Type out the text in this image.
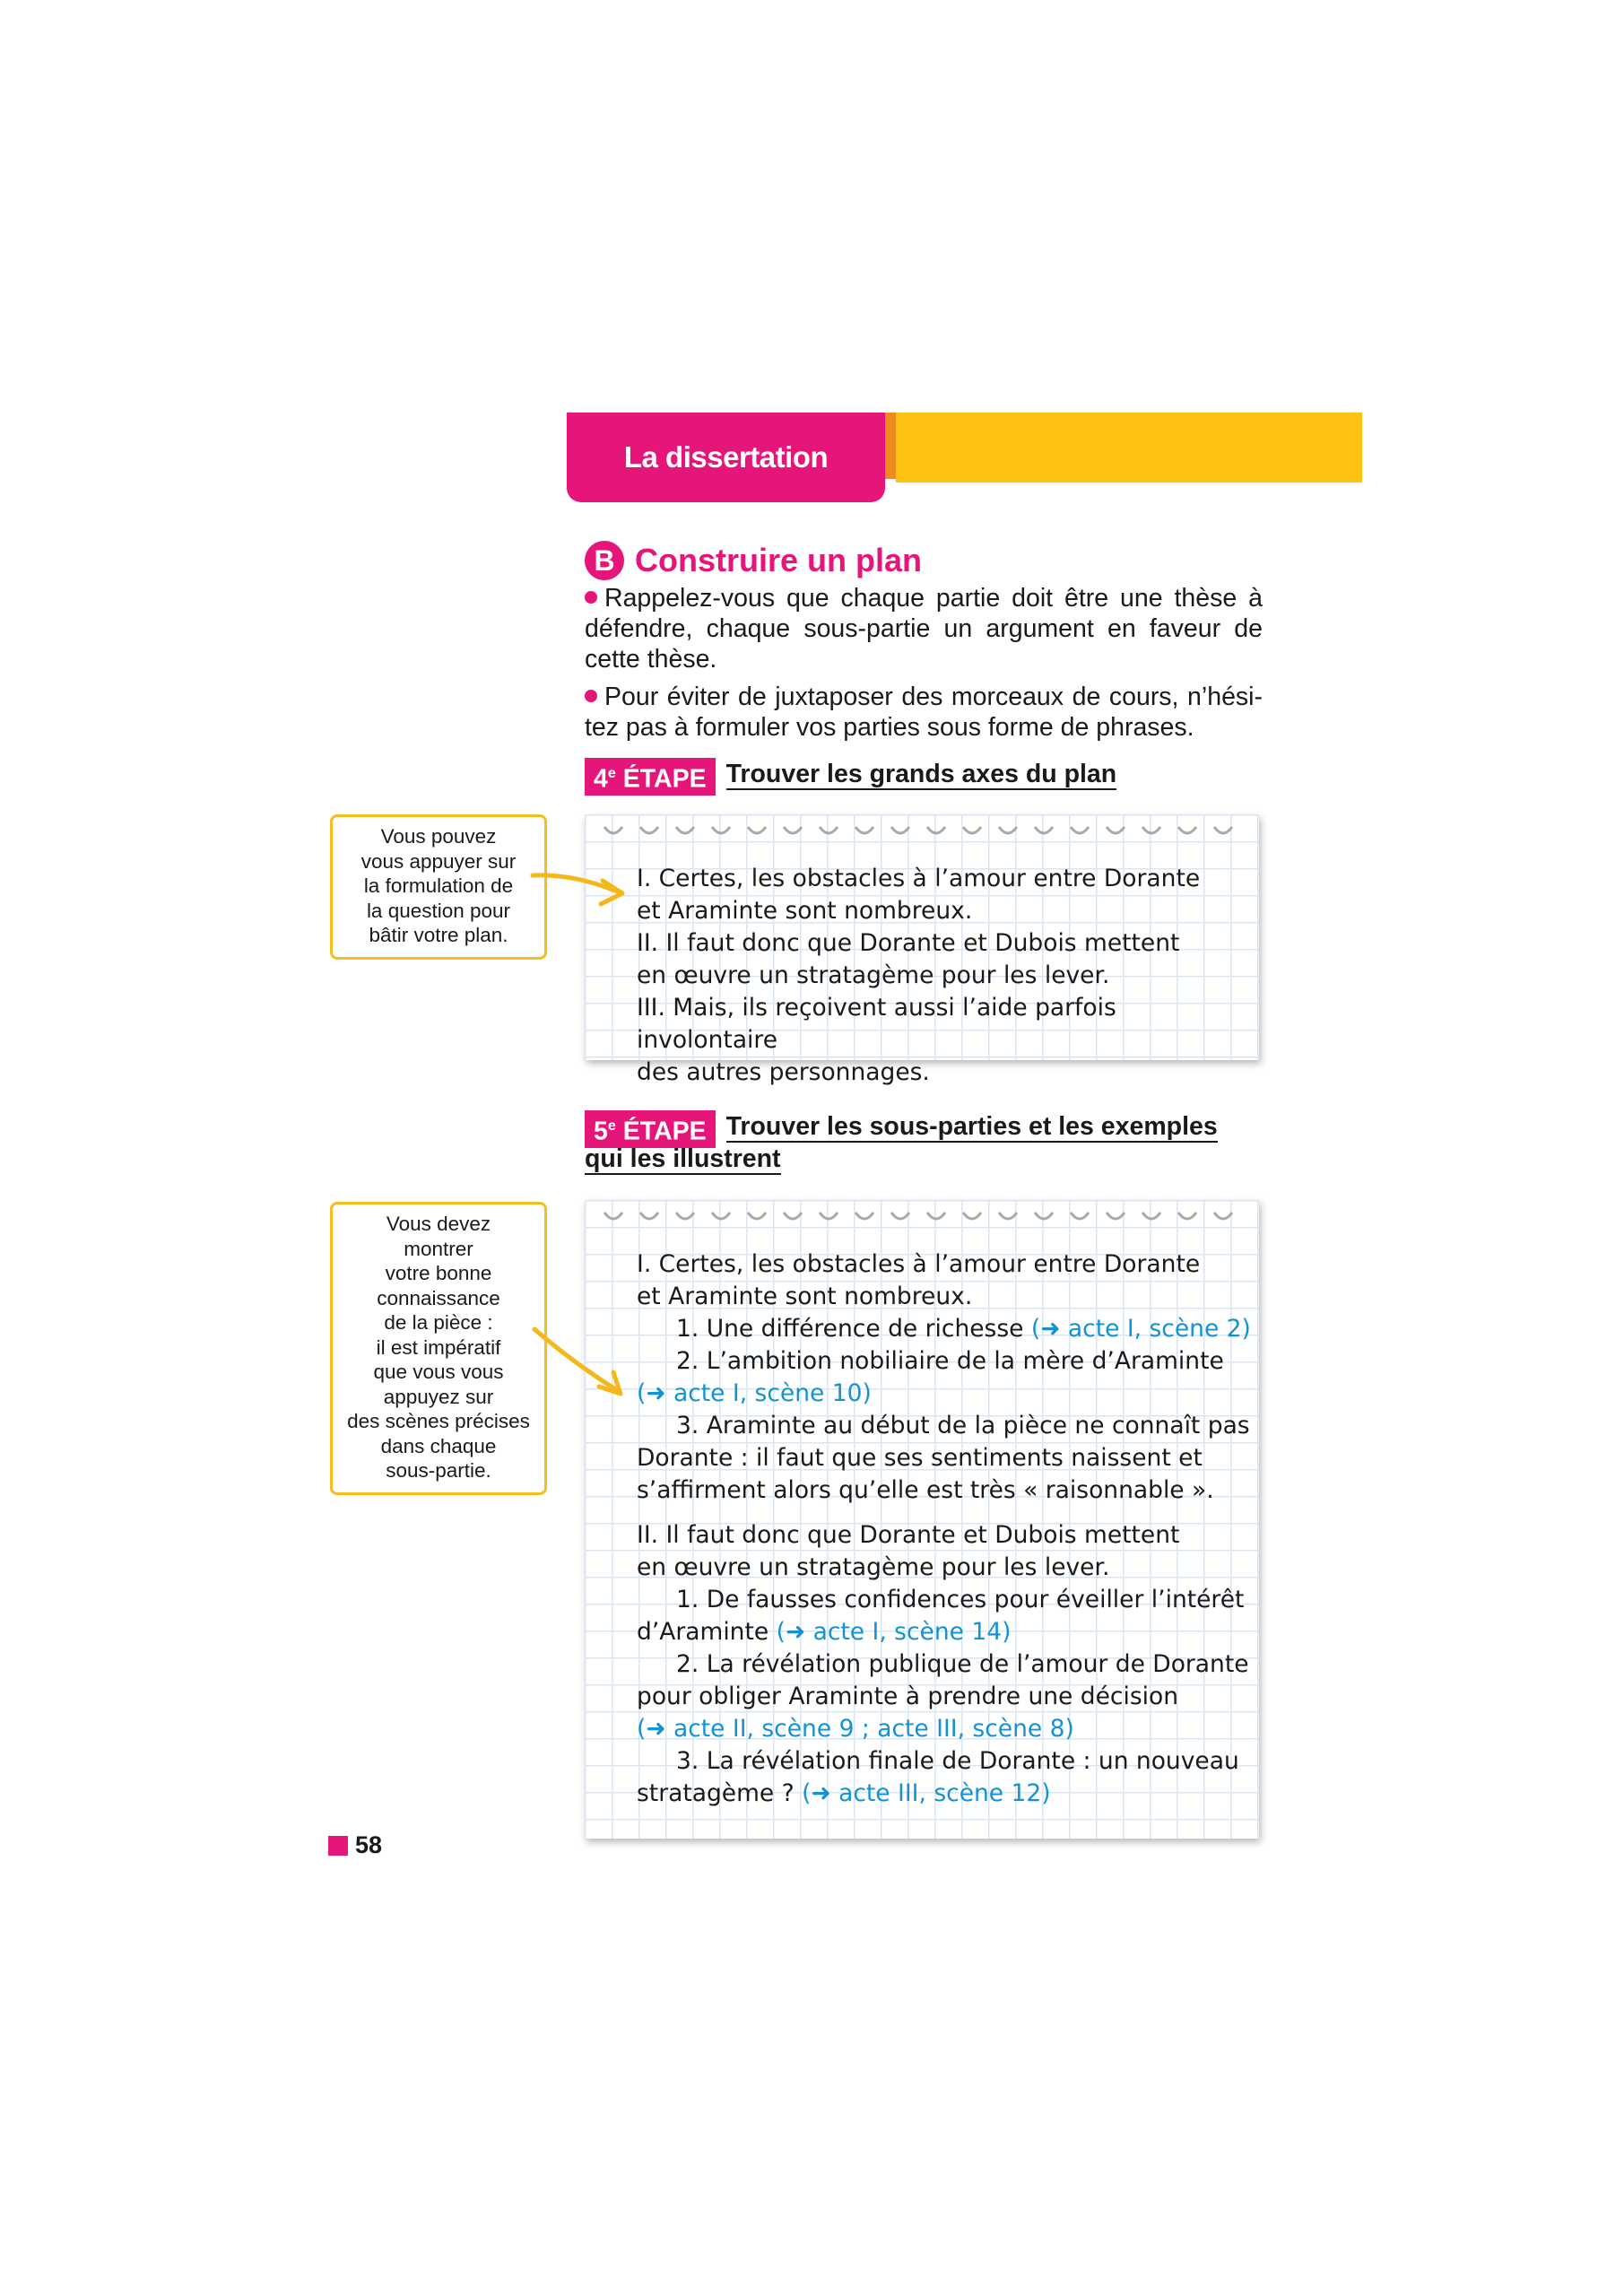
La dissertation
B Construire un plan

Rappelez-vous que chaque partie doit être une thèse à défendre, chaque sous-partie un argument en faveur de cette thèse.

Pour éviter de juxtaposer des morceaux de cours, n’hési- tez pas à formuler vos parties sous forme de phrases.

4e ÉTAPE Trouver les grands axes du plan

I. Certes, les obstacles à l’amour entre Dorante

et Araminte sont nombreux.

II. Il faut donc que Dorante et Dubois mettent

en œuvre un stratagème pour les lever.

III. Mais, ils reçoivent aussi l’aide parfois involontaire

des autres personnages.

Vous pouvez
vous appuyer sur
la formulation de
la question pour
bâtir votre plan.
5e ÉTAPE Trouver les sous-parties et les exemples
qui les illustrent

I. Certes, les obstacles à l’amour entre Dorante

et Araminte sont nombreux.

1. Une différence de richesse (➜ acte I, scène 2)

2. L’ambition nobiliaire de la mère d’Araminte

(➜ acte I, scène 10)

3. Araminte au début de la pièce ne connaît pas

Dorante : il faut que ses sentiments naissent et

s’affirment alors qu’elle est très « raisonnable ».

II. Il faut donc que Dorante et Dubois mettent

en œuvre un stratagème pour les lever.

1. De fausses confidences pour éveiller l’intérêt

d’Araminte (➜ acte I, scène 14)

2. La révélation publique de l’amour de Dorante

pour obliger Araminte à prendre une décision

(➜ acte II, scène 9 ; acte III, scène 8)

3. La révélation finale de Dorante : un nouveau

stratagème ? (➜ acte III, scène 12)

Vous devez
montrer
votre bonne
connaissance
de la pièce :
il est impératif
que vous vous
appuyez sur
des scènes précises
dans chaque
sous-partie.
58
